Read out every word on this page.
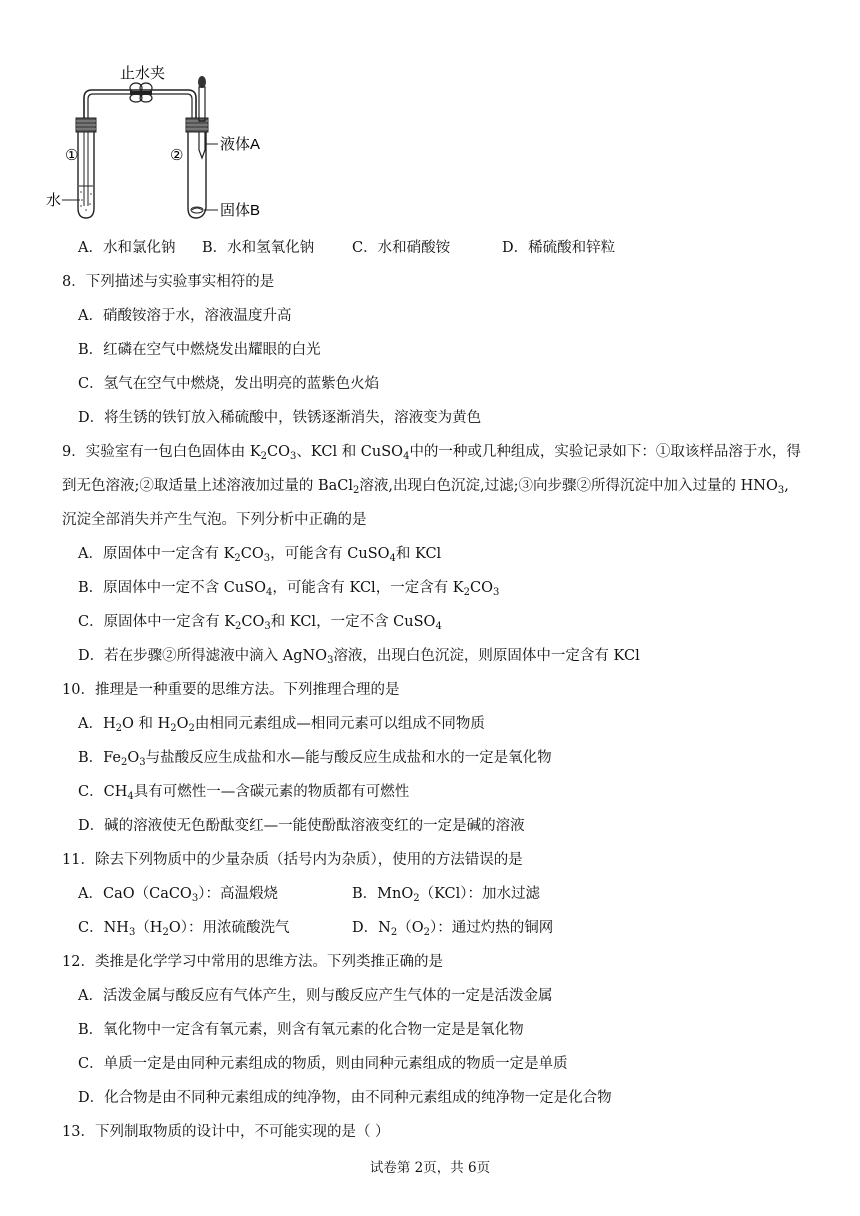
止水夹
①	②
水
液体A
固体B
A．水和氯化钠 B．水和氢氧化钠	C．水和硝酸铵	D．稀硫酸和锌粒
8．下列描述与实验事实相符的是
A．硝酸铵溶于水，溶液温度升高
B．红磷在空气中燃烧发出耀眼的白光
C．氢气在空气中燃烧，发出明亮的蓝紫色火焰
D．将生锈的铁钉放入稀硫酸中，铁锈逐渐消失，溶液变为黄色
9．实验室有一包白色固体由 $K_2CO_3$、KCl 和 CuSO$_4$中的一种或几种组成，实验记录如下：①取该样品溶于水，得
到无色溶液;②取适量上述溶液加过量的 BaCl$_2$溶液,出现白色沉淀,过滤;③向步骤②所得沉淀中加入过量的 $HNO_3$,
沉淀全部消失并产生气泡。下列分析中正确的是
A．原固体中一定含有 $K_2CO_3$，可能含有 CuSO$_4$和 KCl
B．原固体中一定不含 CuSO$_4$，可能含有 KCl，一定含有 $K_2CO_3$
C．原固体中一定含有 $K_2CO_3$和 KCl，一定不含 CuSO$_4$
D．若在步骤②所得滤液中滴入 AgNO$_3$溶液，出现白色沉淀，则原固体中一定含有 KCl
10．推理是一种重要的思维方法。下列推理合理的是
A．$H_2O$ 和 $H_2O_2$由相同元素组成—相同元素可以组成不同物质
B．$Fe_2O_3$与盐酸反应生成盐和水—能与酸反应生成盐和水的一定是氧化物
C．$CH_4$具有可燃性一—含碳元素的物质都有可燃性
D．碱的溶液使无色酚酞变红—一能使酚酞溶液变红的一定是碱的溶液
11．除去下列物质中的少量杂质（括号内为杂质），使用的方法错误的是
A．CaO（CaCO$_3$）：高温煅烧	B．MnO$_2$（KCl）：加水过滤
C．$NH_3(H_2O)$：用浓硫酸洗气	D．$N_2(O_2)$：通过灼热的铜网
12．类推是化学学习中常用的思维方法。下列类推正确的是
A．活泼金属与酸反应有气体产生，则与酸反应产生气体的一定是活泼金属
B．氧化物中一定含有氧元素，则含有氧元素的化合物一定是是氧化物
C．单质一定是由同种元素组成的物质，则由同种元素组成的物质一定是单质
D．化合物是由不同种元素组成的纯净物，由不同种元素组成的纯净物一定是化合物
13．下列制取物质的设计中，不可能实现的是（ ）
试卷第 2页，共 6页
